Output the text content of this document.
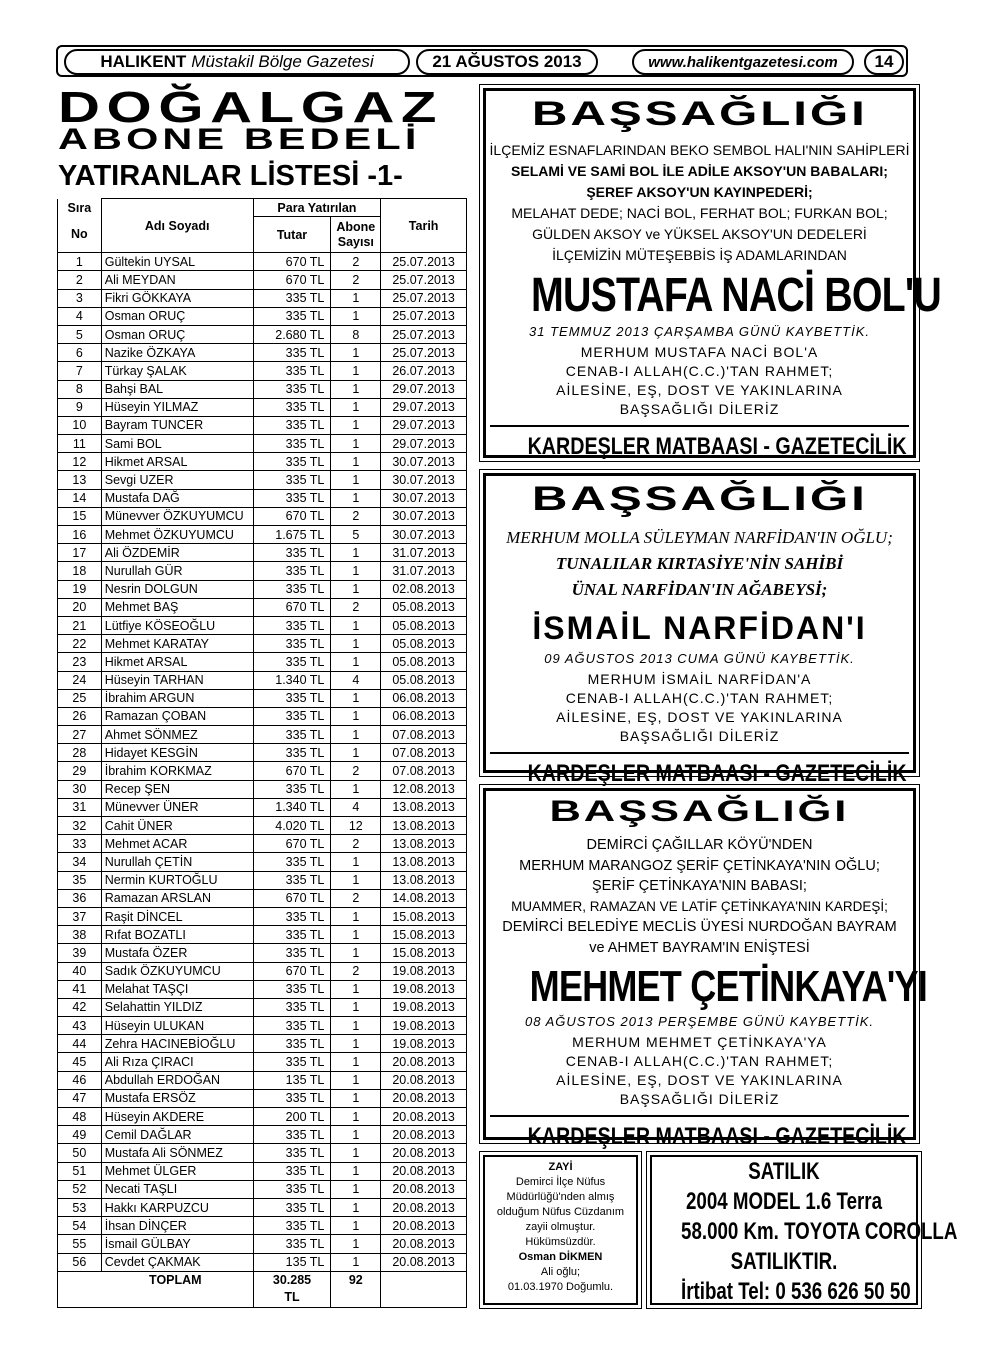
HALIKENT Müstakil Bölge Gazetesi	21 AĞUSTOS 2013	www.halikentgazetesi.com	14
DOĞALGAZ
ABONE BEDELİ
YATIRANLAR LİSTESİ -1-
Sıra	Adı Soyadı	Para Yatırılan		Tarih
No		Tutar	Abone
Sayısı	
1	Gültekin UYSAL	670 TL	2	25.07.2013
2	Ali MEYDAN	670 TL	2	25.07.2013
3	Fikri GÖKKAYA	335 TL	1	25.07.2013
4	Osman ORUÇ	335 TL	1	25.07.2013
5	Osman ORUÇ	2.680 TL	8	25.07.2013
6	Nazike ÖZKAYA	335 TL	1	25.07.2013
7	Türkay ŞALAK	335 TL	1	26.07.2013
8	Bahşi BAL	335 TL	1	29.07.2013
9	Hüseyin YILMAZ	335 TL	1	29.07.2013
10	Bayram TUNCER	335 TL	1	29.07.2013
11	Sami BOL	335 TL	1	29.07.2013
12	Hikmet ARSAL	335 TL	1	30.07.2013
13	Sevgi UZER	335 TL	1	30.07.2013
14	Mustafa DAĞ	335 TL	1	30.07.2013
15	Münevver ÖZKUYUMCU	670 TL	2	30.07.2013
16	Mehmet ÖZKUYUMCU	1.675 TL	5	30.07.2013
17	Ali ÖZDEMİR	335 TL	1	31.07.2013
18	Nurullah GÜR	335 TL	1	31.07.2013
19	Nesrin DOLGUN	335 TL	1	02.08.2013
20	Mehmet BAŞ	670 TL	2	05.08.2013
21	Lütfiye KÖSEOĞLU	335 TL	1	05.08.2013
22	Mehmet KARATAY	335 TL	1	05.08.2013
23	Hikmet ARSAL	335 TL	1	05.08.2013
24	Hüseyin TARHAN	1.340 TL	4	05.08.2013
25	İbrahim ARGUN	335 TL	1	06.08.2013
26	Ramazan ÇOBAN	335 TL	1	06.08.2013
27	Ahmet SÖNMEZ	335 TL	1	07.08.2013
28	Hidayet KESGİN	335 TL	1	07.08.2013
29	İbrahim KORKMAZ	670 TL	2	07.08.2013
30	Recep ŞEN	335 TL	1	12.08.2013
31	Münevver ÜNER	1.340 TL	4	13.08.2013
32	Cahit ÜNER	4.020 TL	12	13.08.2013
33	Mehmet ACAR	670 TL	2	13.08.2013
34	Nurullah ÇETİN	335 TL	1	13.08.2013
35	Nermin KURTOĞLU	335 TL	1	13.08.2013
36	Ramazan ARSLAN	670 TL	2	14.08.2013
37	Raşit DİNCEL	335 TL	1	15.08.2013
38	Rıfat BOZATLI	335 TL	1	15.08.2013
39	Mustafa ÖZER	335 TL	1	15.08.2013
40	Sadık ÖZKUYUMCU	670 TL	2	19.08.2013
41	Melahat TAŞÇI	335 TL	1	19.08.2013
42	Selahattin YILDIZ	335 TL	1	19.08.2013
43	Hüseyin ULUKAN	335 TL	1	19.08.2013
44	Zehra HACINEBİOĞLU	335 TL	1	19.08.2013
45	Ali Rıza ÇIRACI	335 TL	1	20.08.2013
46	Abdullah ERDOĞAN	135 TL	1	20.08.2013
47	Mustafa ERSÖZ	335 TL	1	20.08.2013
48	Hüseyin AKDERE	200 TL	1	20.08.2013
49	Cemil DAĞLAR	335 TL	1	20.08.2013
50	Mustafa Ali SÖNMEZ	335 TL	1	20.08.2013
51	Mehmet ÜLGER	335 TL	1	20.08.2013
52	Necati TAŞLI	335 TL	1	20.08.2013
53	Hakkı KARPUZCU	335 TL	1	20.08.2013
54	İhsan DİNÇER	335 TL	1	20.08.2013
55	İsmail GÜLBAY	335 TL	1	20.08.2013
56	Cevdet ÇAKMAK	135 TL	1	20.08.2013
TOPLAM		30.285
TL	92	
BAŞSAĞLIĞI

İLÇEMİZ ESNAFLARINDAN BEKO SEMBOL HALI'NIN SAHİPLERİ

SELAMİ VE SAMİ BOL İLE ADİLE AKSOY'UN BABALARI;

ŞEREF AKSOY'UN KAYINPEDERİ;

MELAHAT DEDE; NACİ BOL, FERHAT BOL; FURKAN BOL;

GÜLDEN AKSOY ve YÜKSEL AKSOY'UN DEDELERİ

İLÇEMİZİN MÜTEŞEBBİS İŞ ADAMLARINDAN

MUSTAFA NACİ BOL'U

31 TEMMUZ 2013 ÇARŞAMBA GÜNÜ KAYBETTİK.

MERHUM MUSTAFA NACİ BOL'A

CENAB-I ALLAH(C.C.)'TAN RAHMET;

AİLESİNE, EŞ, DOST VE YAKINLARINA

BAŞSAĞLIĞI DİLERİZ

KARDEŞLER MATBAASI - GAZETECİLİK
BAŞSAĞLIĞI

MERHUM MOLLA SÜLEYMAN NARFİDAN'IN OĞLU;

TUNALILAR KIRTASİYE'NİN SAHİBİ

ÜNAL NARFİDAN'IN AĞABEYSİ;

İSMAİL NARFİDAN'I

09 AĞUSTOS 2013 CUMA GÜNÜ KAYBETTİK.

MERHUM İSMAİL NARFİDAN'A

CENAB-I ALLAH(C.C.)'TAN RAHMET;

AİLESİNE, EŞ, DOST VE YAKINLARINA

BAŞSAĞLIĞI DİLERİZ

KARDEŞLER MATBAASI - GAZETECİLİK
BAŞSAĞLIĞI

DEMİRCİ ÇAĞILLAR KÖYÜ'NDEN

MERHUM MARANGOZ ŞERİF ÇETİNKAYA'NIN OĞLU;

ŞERİF ÇETİNKAYA'NIN BABASI;

MUAMMER, RAMAZAN VE LATİF ÇETİNKAYA'NIN KARDEŞİ;

DEMİRCİ BELEDİYE MECLİS ÜYESİ NURDOĞAN BAYRAM

ve AHMET BAYRAM'IN ENİŞTESİ

MEHMET ÇETİNKAYA'YI

08 AĞUSTOS 2013 PERŞEMBE GÜNÜ KAYBETTİK.

MERHUM MEHMET ÇETİNKAYA'YA

CENAB-I ALLAH(C.C.)'TAN RAHMET;

AİLESİNE, EŞ, DOST VE YAKINLARINA

BAŞSAĞLIĞI DİLERİZ

KARDEŞLER MATBAASI - GAZETECİLİK

ZAYİ

Demirci İlçe Nüfus

Müdürlüğü'nden almış

olduğum Nüfus Cüzdanım

zayii olmuştur.

Hükümsüzdür.

Osman DİKMEN

Ali oğlu;

01.03.1970 Doğumlu.

SATILIK

2004 MODEL 1.6 Terra

58.000 Km. TOYOTA COROLLA

SATILIKTIR.

İrtibat Tel: 0 536 626 50 50
